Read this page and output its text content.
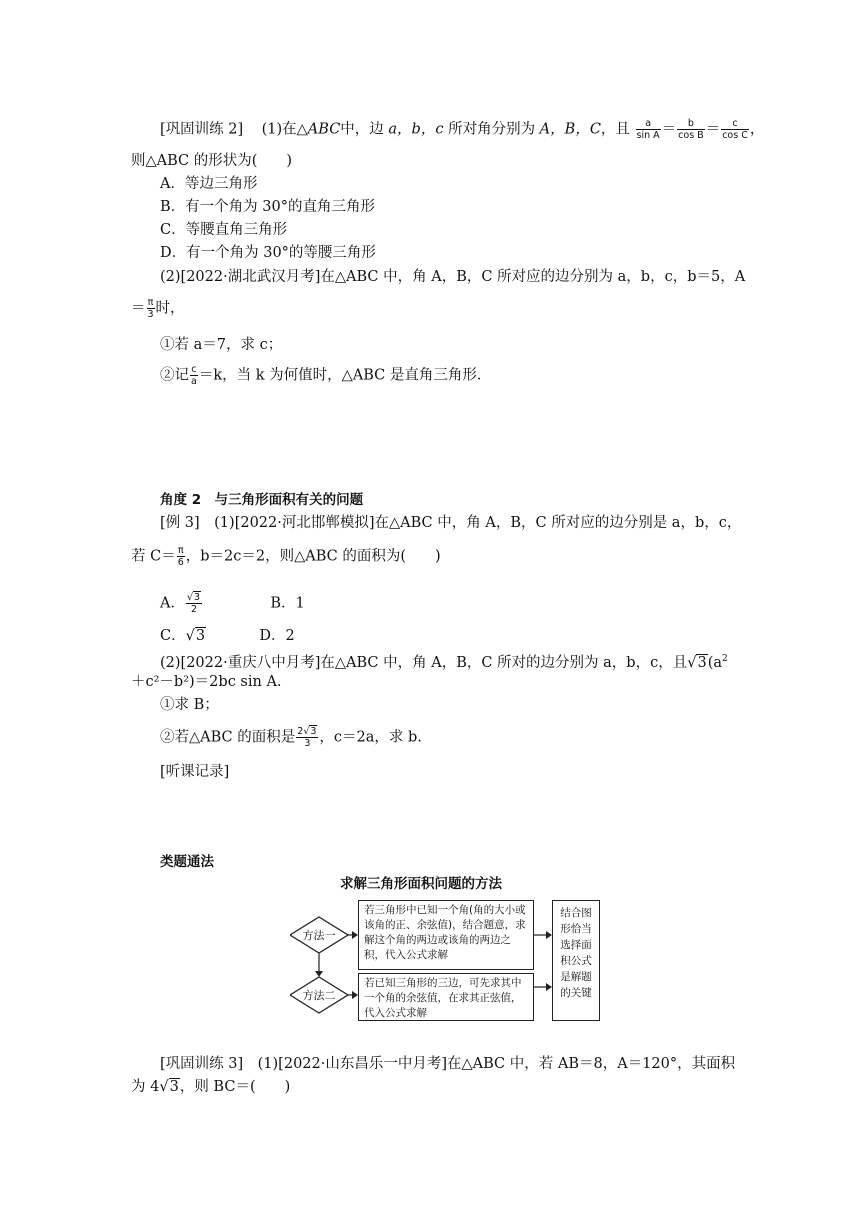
[巩固训练 2] (1)在△ABC中，边 a，b，c 所对角分别为 A，B，C，且 $\frac{a}{\text{sin A}} = \frac{b}{\text{cos B}} = \frac{c}{\text{cos C}}$ ，
则△ABC 的形状为(　　)
A．等边三角形
B．有一个角为 30°的直角三角形
C．等腰直角三角形
D．有一个角为 30°的等腰三角形
(2)[2022·湖北武汉月考]在△ABC 中，角 A，B，C 所对应的边分别为 a，b，c，b＝5，A
＝ $\frac{\pi}{3}$ 时，
①若 a＝7，求 c；
②记 $\frac{c}{a} =k$，当 k 为何值时，△ABC 是直角三角形．
角度 2　与三角形面积有关的问题
[例 3]　(1)[2022·河北邯郸模拟]在△ABC 中，角 A，B，C 所对应的边分别是 a，b，c，
若 $C= \frac{\pi}{6}$ ，b＝2c＝2，则△ABC 的面积为(　　)
A． $\frac{√3}{2}$	B．1
C．√3	D．2
(2)[2022·重庆八中月考]在△ABC 中，角 A，B，C 所对的边分别为 a，b，c，且$√3(a^2$
＋c²－b²)＝2bc sin A.
①求 B；
②若△ABC 的面积是 $\frac{2√3}{3}$ ，c＝2a，求 b.
[听课记录]
类题通法
求解三角形面积问题的方法
方法一
方法二
若三角形中已知一个角(角的大小或该角的正、余弦值)，结合题意，求解这个角的两边或该角的两边之积，代入公式求解
若已知三角形的三边，可先求其中一个角的余弦值，在求其正弦值，代入公式求解
结合图形恰当选择面积公式是解题的关键
[巩固训练 3]　(1)[2022·山东昌乐一中月考]在△ABC 中，若 AB＝8，A＝120°，其面积
为 4√3，则 BC＝(　　)
